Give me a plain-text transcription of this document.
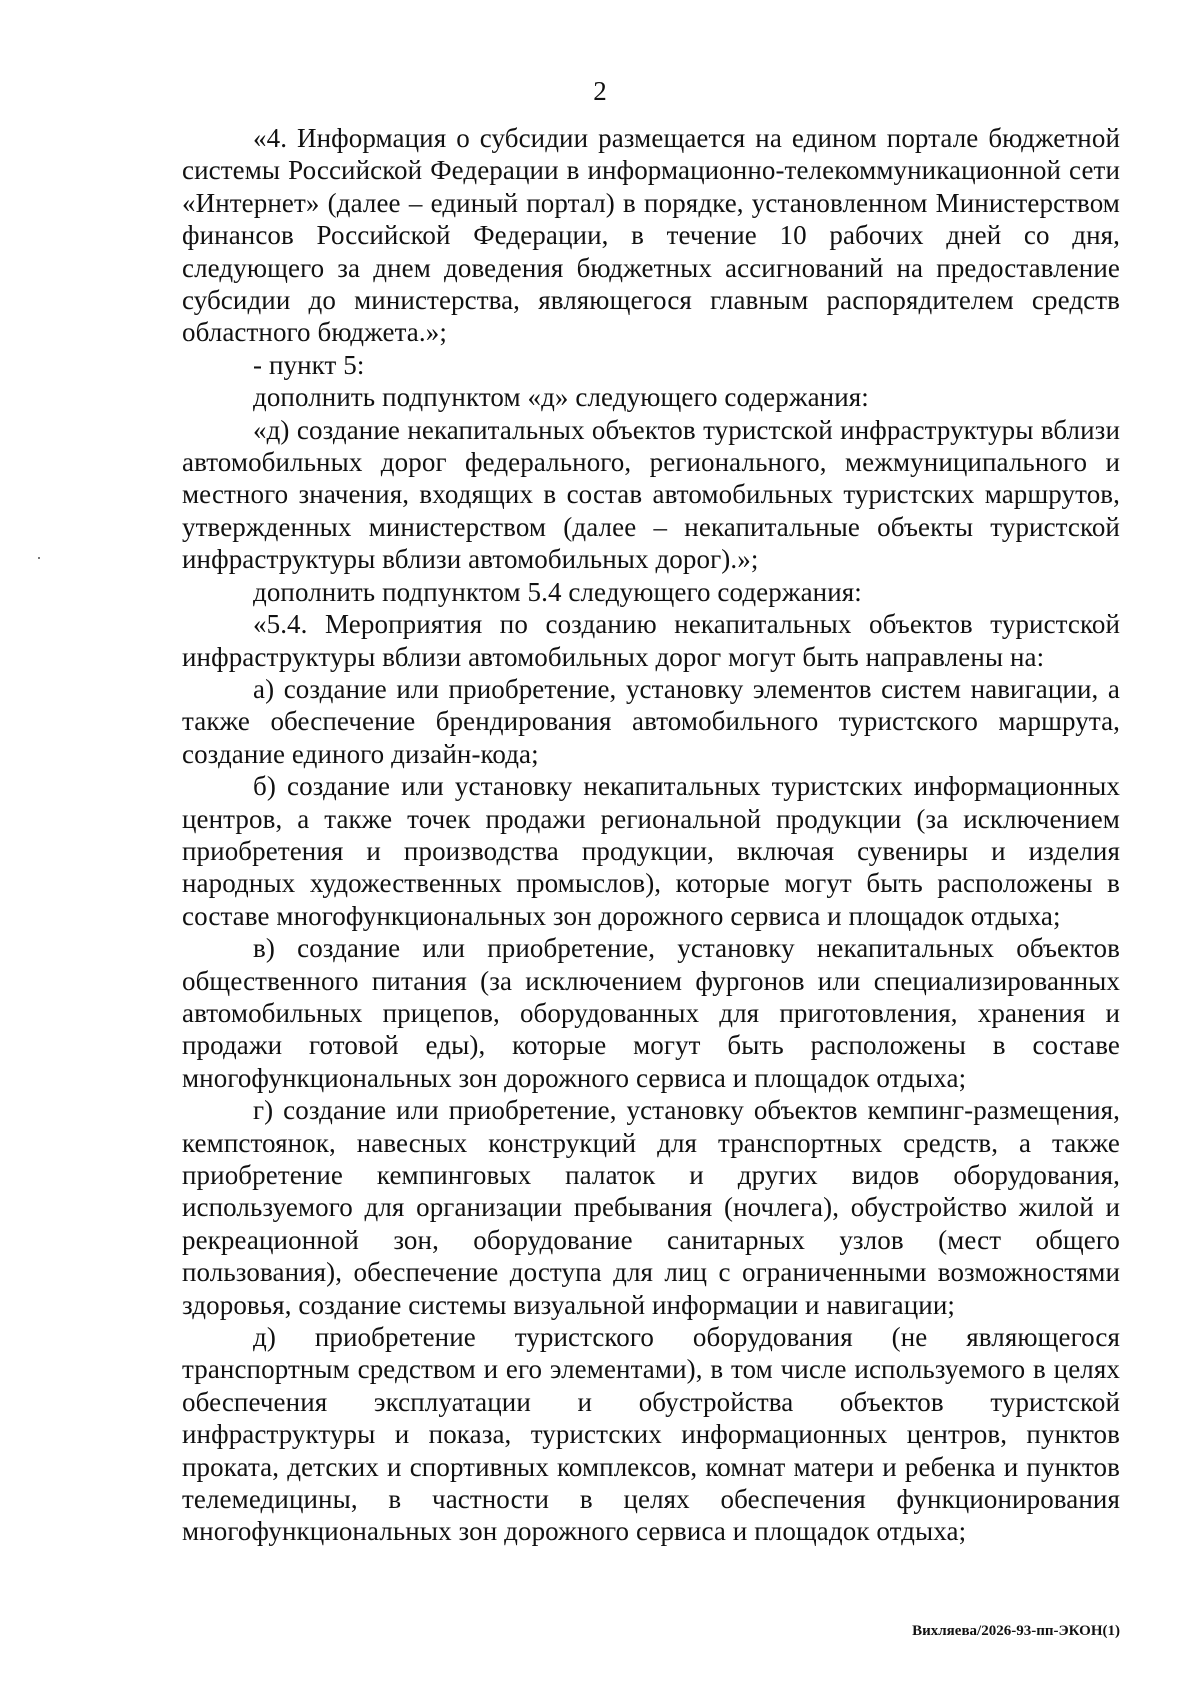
2

«4. Информация о субсидии размещается на едином портале бюджетной системы Российской Федерации в информационно-телекоммуникационной сети «Интернет» (далее – единый портал) в порядке, установленном Министерством финансов Российской Федерации, в течение 10 рабочих дней со дня, следующего за днем доведения бюджетных ассигнований на предоставление субсидии до министерства, являющегося главным распорядителем средств областного бюджета.»;

- пункт 5:

дополнить подпунктом «д» следующего содержания:

«д) создание некапитальных объектов туристской инфраструктуры вблизи автомобильных дорог федерального, регионального, межмуниципального и местного значения, входящих в состав автомобильных туристских маршрутов, утвержденных министерством (далее – некапитальные объекты туристской инфраструктуры вблизи автомобильных дорог).»;

дополнить подпунктом 5.4 следующего содержания:

«5.4. Мероприятия по созданию некапитальных объектов туристской инфраструктуры вблизи автомобильных дорог могут быть направлены на:

а) создание или приобретение, установку элементов систем навигации, а также обеспечение брендирования автомобильного туристского маршрута, создание единого дизайн-кода;

б) создание или установку некапитальных туристских информационных центров, а также точек продажи региональной продукции (за исключением приобретения и производства продукции, включая сувениры и изделия народных художественных промыслов), которые могут быть расположены в составе многофункциональных зон дорожного сервиса и площадок отдыха;

в) создание или приобретение, установку некапитальных объектов общественного питания (за исключением фургонов или специализированных автомобильных прицепов, оборудованных для приготовления, хранения и продажи готовой еды), которые могут быть расположены в составе многофункциональных зон дорожного сервиса и площадок отдыха;

г) создание или приобретение, установку объектов кемпинг-размещения, кемпстоянок, навесных конструкций для транспортных средств, а также приобретение кемпинговых палаток и других видов оборудования, используемого для организации пребывания (ночлега), обустройство жилой и рекреационной зон, оборудование санитарных узлов (мест общего пользования), обеспечение доступа для лиц с ограниченными возможностями здоровья, создание системы визуальной информации и навигации;

д) приобретение туристского оборудования (не являющегося транспортным средством и его элементами), в том числе используемого в целях обеспечения эксплуатации и обустройства объектов туристской инфраструктуры и показа, туристских информационных центров, пунктов проката, детских и спортивных комплексов, комнат матери и ребенка и пунктов телемедицины, в частности в целях обеспечения функционирования многофункциональных зон дорожного сервиса и площадок отдыха;

Вихляева/2026-93-пп-ЭКОН(1)
